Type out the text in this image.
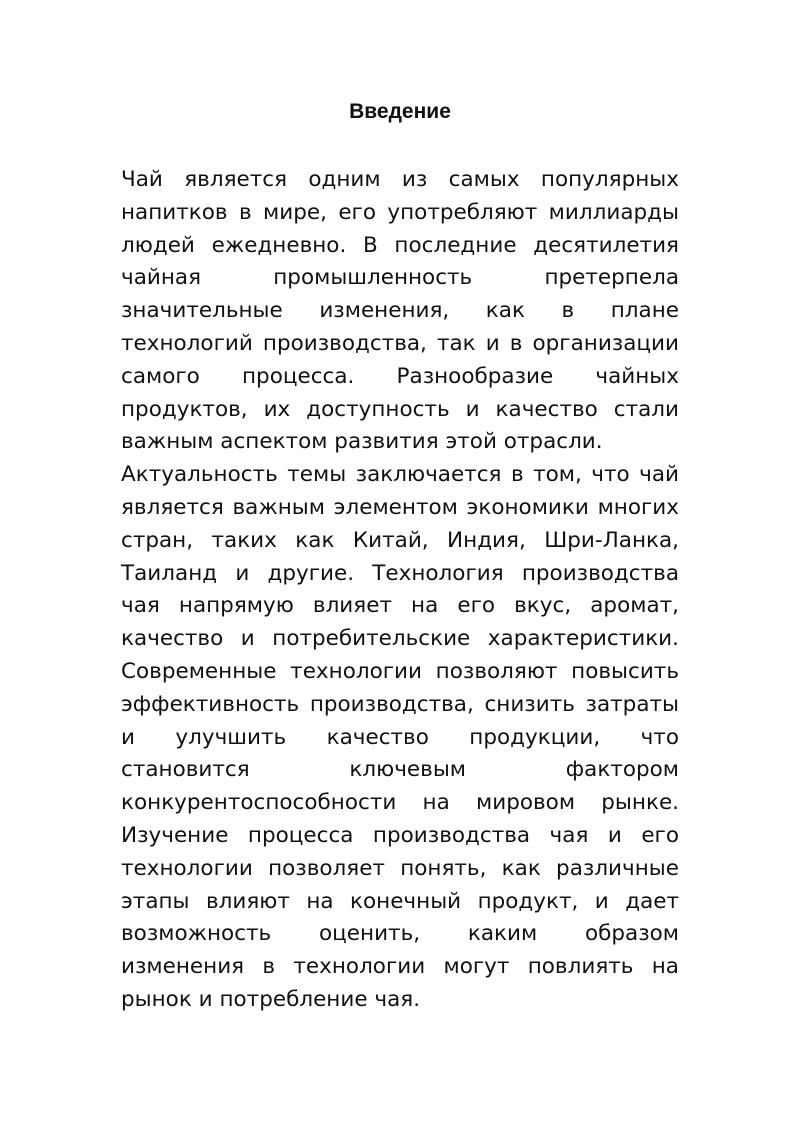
Введение

Чай является одним из самых популярных напитков в мире, его употребляют миллиарды людей ежедневно. В последние десятилетия чайная промышленность претерпела значительные изменения, как в плане технологий производства, так и в организации самого процесса. Разнообразие чайных продуктов, их доступность и качество стали важным аспектом развития этой отрасли.

Актуальность темы заключается в том, что чай является важным элементом экономики многих стран, таких как Китай, Индия, Шри-Ланка, Таиланд и другие. Технология производства чая напрямую влияет на его вкус, аромат, качество и потребительские характеристики. Современные технологии позволяют повысить эффективность производства, снизить затраты и улучшить качество продукции, что становится ключевым фактором конкурентоспособности на мировом рынке. Изучение процесса производства чая и его технологии позволяет понять, как различные этапы влияют на конечный продукт, и дает возможность оценить, каким образом изменения в технологии могут повлиять на рынок и потребление чая.
